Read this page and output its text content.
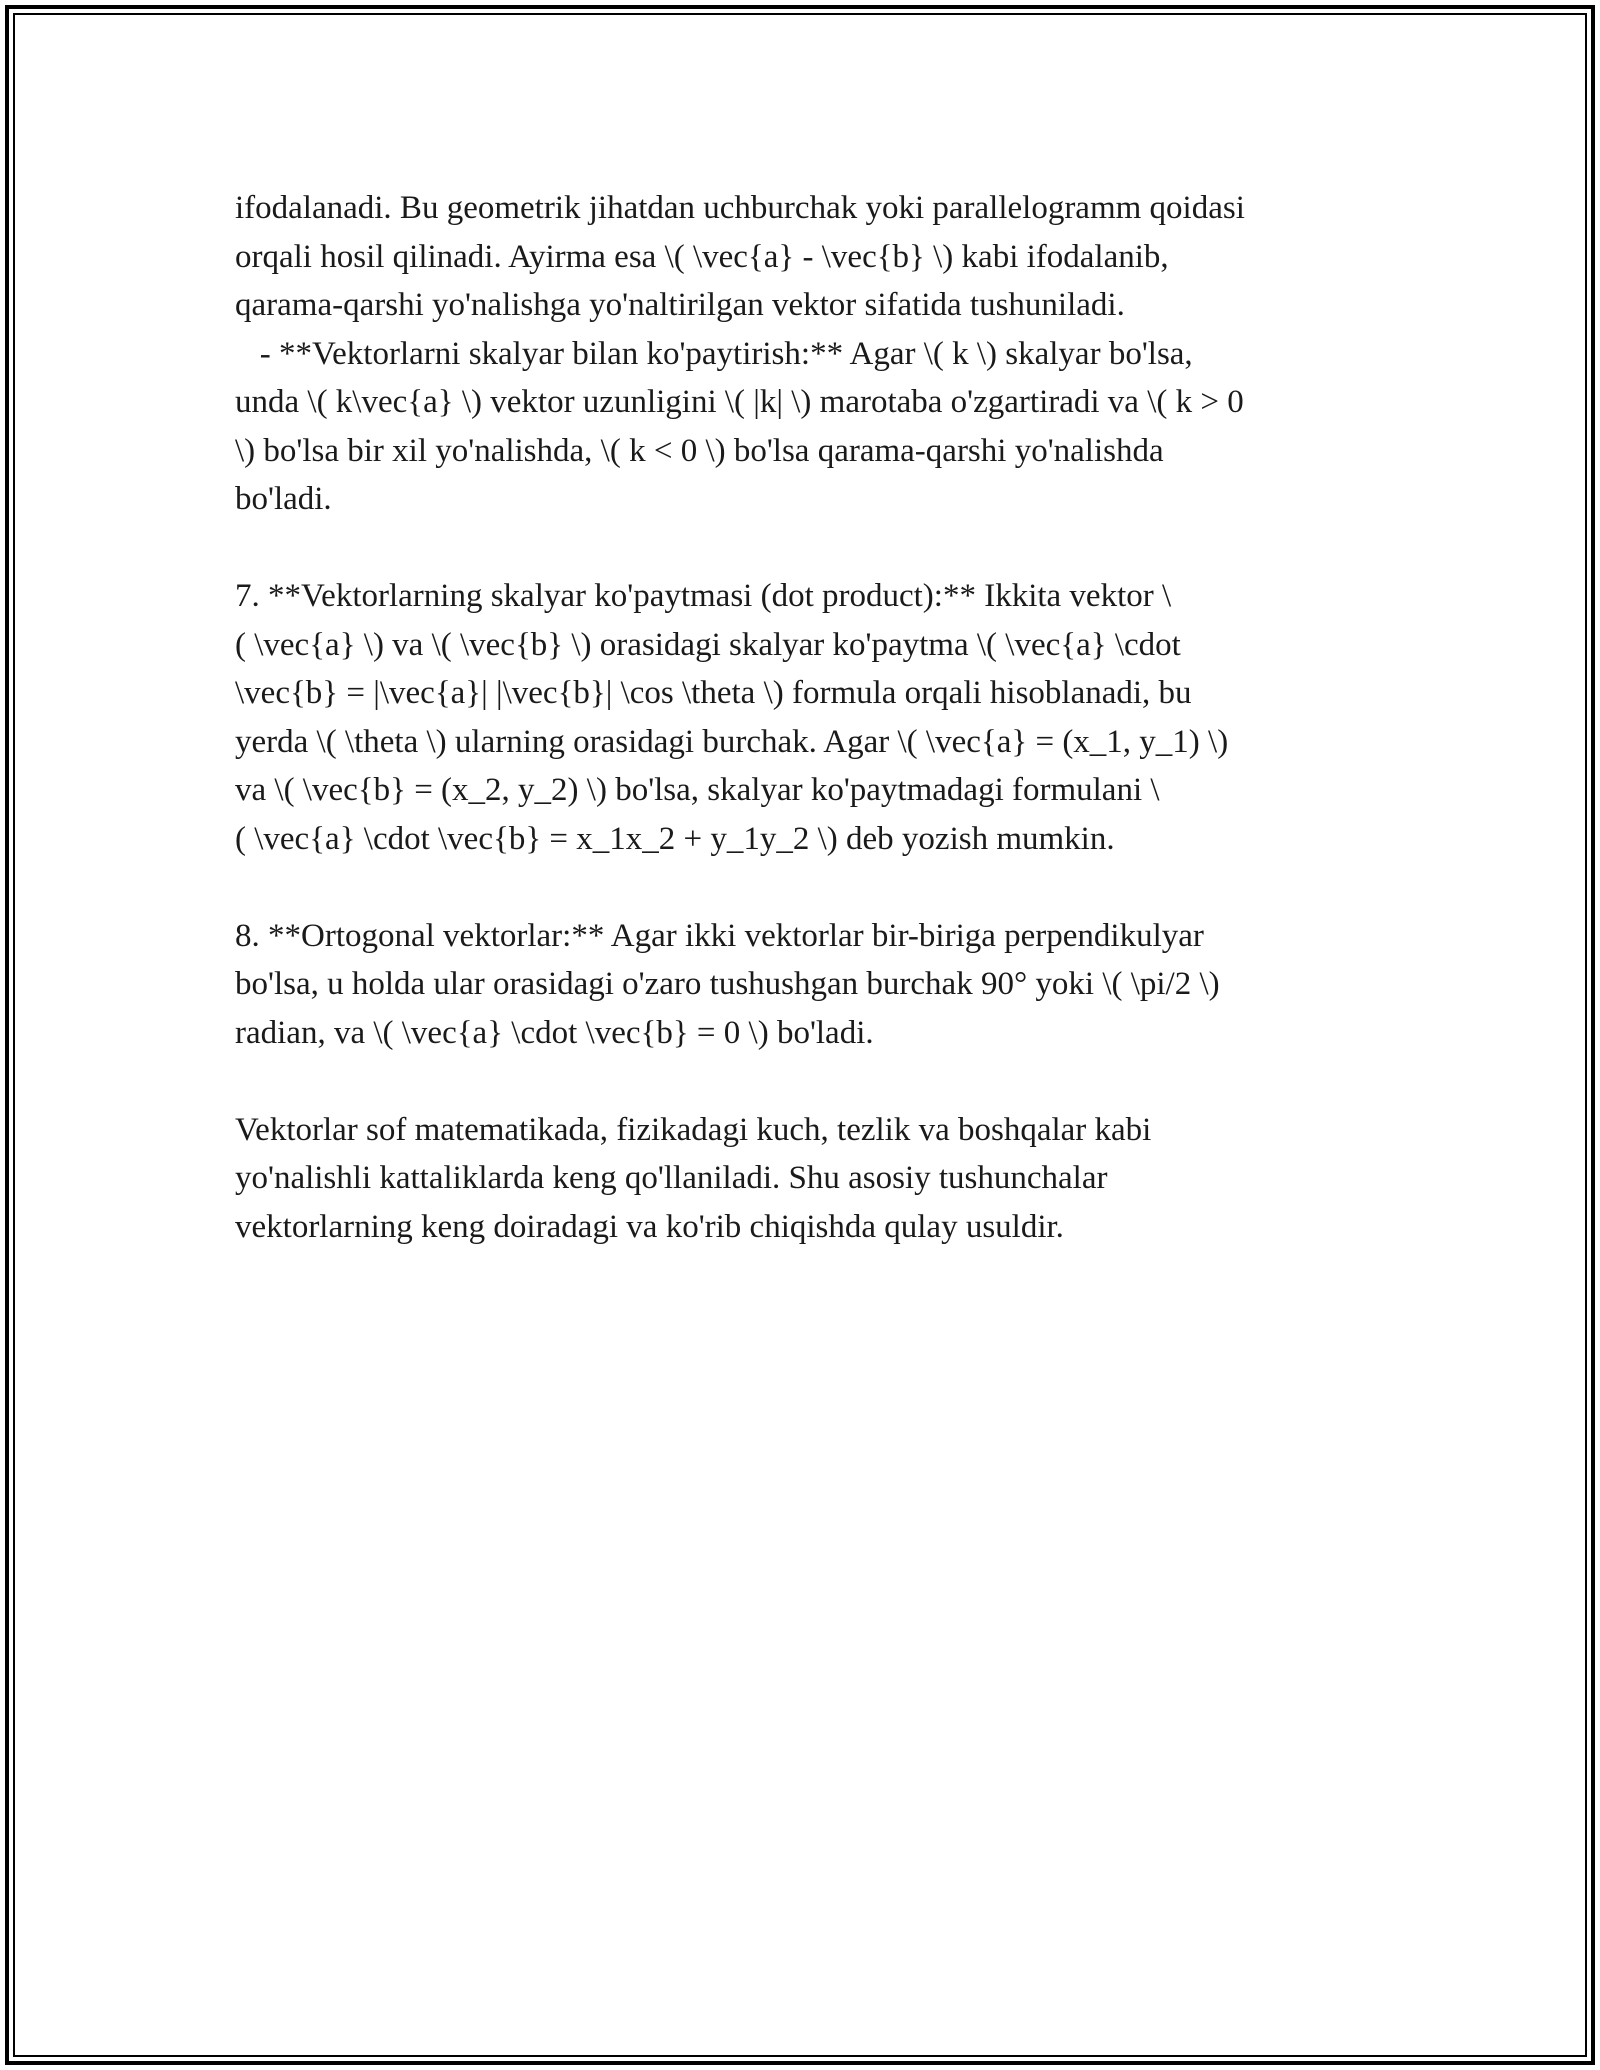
ifodalanadi. Bu geometrik jihatdan uchburchak yoki parallelogramm qoidasi
orqali hosil qilinadi. Ayirma esa \( \vec{a} - \vec{b} \) kabi ifodalanib,
qarama-qarshi yo'nalishga yo'naltirilgan vektor sifatida tushuniladi.
- **Vektorlarni skalyar bilan ko'paytirish:** Agar \( k \) skalyar bo'lsa,
unda \( k\vec{a} \) vektor uzunligini \( |k| \) marotaba o'zgartiradi va \( k > 0
\) bo'lsa bir xil yo'nalishda, \( k < 0 \) bo'lsa qarama-qarshi yo'nalishda
bo'ladi.
7. **Vektorlarning skalyar ko'paytmasi (dot product):** Ikkita vektor \
( \vec{a} \) va \( \vec{b} \) orasidagi skalyar ko'paytma \( \vec{a} \cdot
\vec{b} = |\vec{a}| |\vec{b}| \cos \theta \) formula orqali hisoblanadi, bu
yerda \( \theta \) ularning orasidagi burchak. Agar \( \vec{a} = (x_1, y_1) \)
va \( \vec{b} = (x_2, y_2) \) bo'lsa, skalyar ko'paytmadagi formulani \
( \vec{a} \cdot \vec{b} = x_1x_2 + y_1y_2 \) deb yozish mumkin.
8. **Ortogonal vektorlar:** Agar ikki vektorlar bir-biriga perpendikulyar
bo'lsa, u holda ular orasidagi o'zaro tushushgan burchak 90° yoki \( \pi/2 \)
radian, va \( \vec{a} \cdot \vec{b} = 0 \) bo'ladi.
Vektorlar sof matematikada, fizikadagi kuch, tezlik va boshqalar kabi
yo'nalishli kattaliklarda keng qo'llaniladi. Shu asosiy tushunchalar
vektorlarning keng doiradagi va ko'rib chiqishda qulay usuldir.
